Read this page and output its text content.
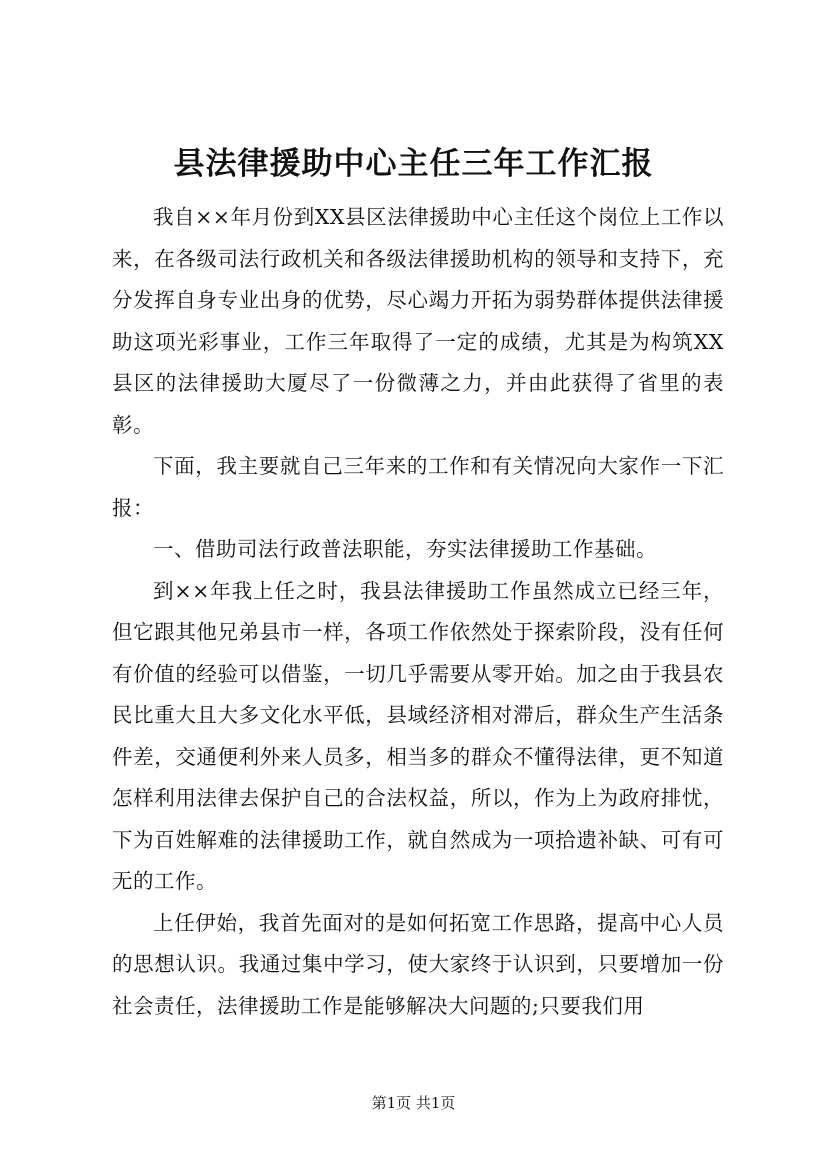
县法律援助中心主任三年工作汇报

我自××年月份到XX县区法律援助中心主任这个岗位上工作以来，在各级司法行政机关和各级法律援助机构的领导和支持下，充分发挥自身专业出身的优势，尽心竭力开拓为弱势群体提供法律援助这项光彩事业，工作三年取得了一定的成绩，尤其是为构筑XX县区的法律援助大厦尽了一份微薄之力，并由此获得了省里的表彰。

下面，我主要就自己三年来的工作和有关情况向大家作一下汇报：

一、借助司法行政普法职能，夯实法律援助工作基础。

到××年我上任之时，我县法律援助工作虽然成立已经三年，但它跟其他兄弟县市一样，各项工作依然处于探索阶段，没有任何有价值的经验可以借鉴，一切几乎需要从零开始。加之由于我县农民比重大且大多文化水平低，县域经济相对滞后，群众生产生活条件差，交通便利外来人员多，相当多的群众不懂得法律，更不知道怎样利用法律去保护自己的合法权益，所以，作为上为政府排忧，下为百姓解难的法律援助工作，就自然成为一项拾遗补缺、可有可无的工作。

上任伊始，我首先面对的是如何拓宽工作思路，提高中心人员的思想认识。我通过集中学习，使大家终于认识到，只要增加一份社会责任，法律援助工作是能够解决大问题的;只要我们用

第1页 共1页
